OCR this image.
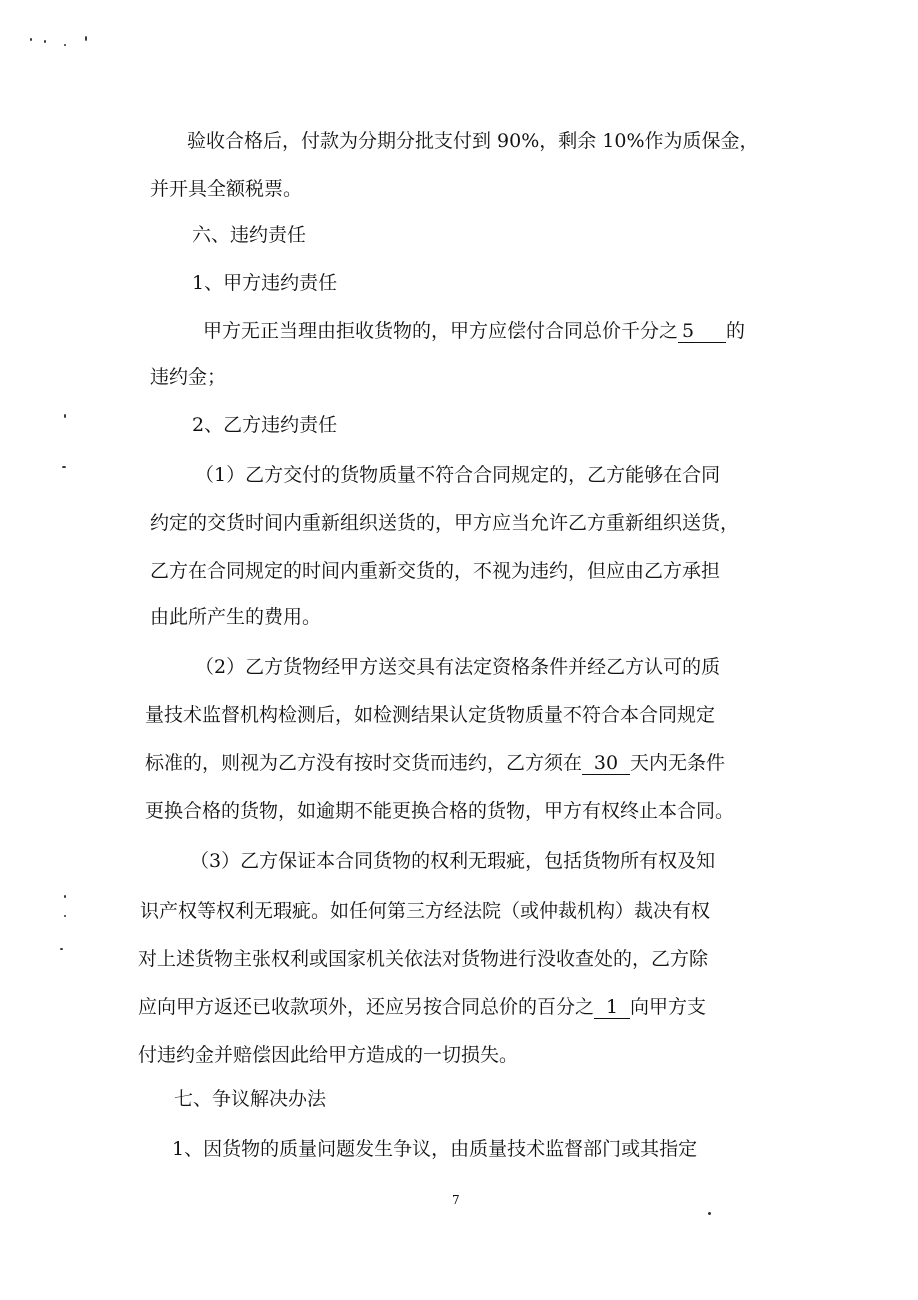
验收合格后，付款为分期分批支付到 90%，剩余 10%作为质保金，

并开具全额税票。

六、违约责任

1、甲方违约责任

甲方无正当理由拒收货物的，甲方应偿付合同总价千分之 5 的

违约金；

2、乙方违约责任

（1）乙方交付的货物质量不符合合同规定的，乙方能够在合同

约定的交货时间内重新组织送货的，甲方应当允许乙方重新组织送货，

乙方在合同规定的时间内重新交货的，不视为违约，但应由乙方承担

由此所产生的费用。

（2）乙方货物经甲方送交具有法定资格条件并经乙方认可的质

量技术监督机构检测后，如检测结果认定货物质量不符合本合同规定

标准的，则视为乙方没有按时交货而违约，乙方须在 30 天内无条件

更换合格的货物，如逾期不能更换合格的货物，甲方有权终止本合同。

（3）乙方保证本合同货物的权利无瑕疵，包括货物所有权及知

识产权等权利无瑕疵。如任何第三方经法院（或仲裁机构）裁决有权

对上述货物主张权利或国家机关依法对货物进行没收查处的，乙方除

应向甲方返还已收款项外，还应另按合同总价的百分之 1 向甲方支

付违约金并赔偿因此给甲方造成的一切损失。

七、争议解决办法

1、因货物的质量问题发生争议，由质量技术监督部门或其指定

7
